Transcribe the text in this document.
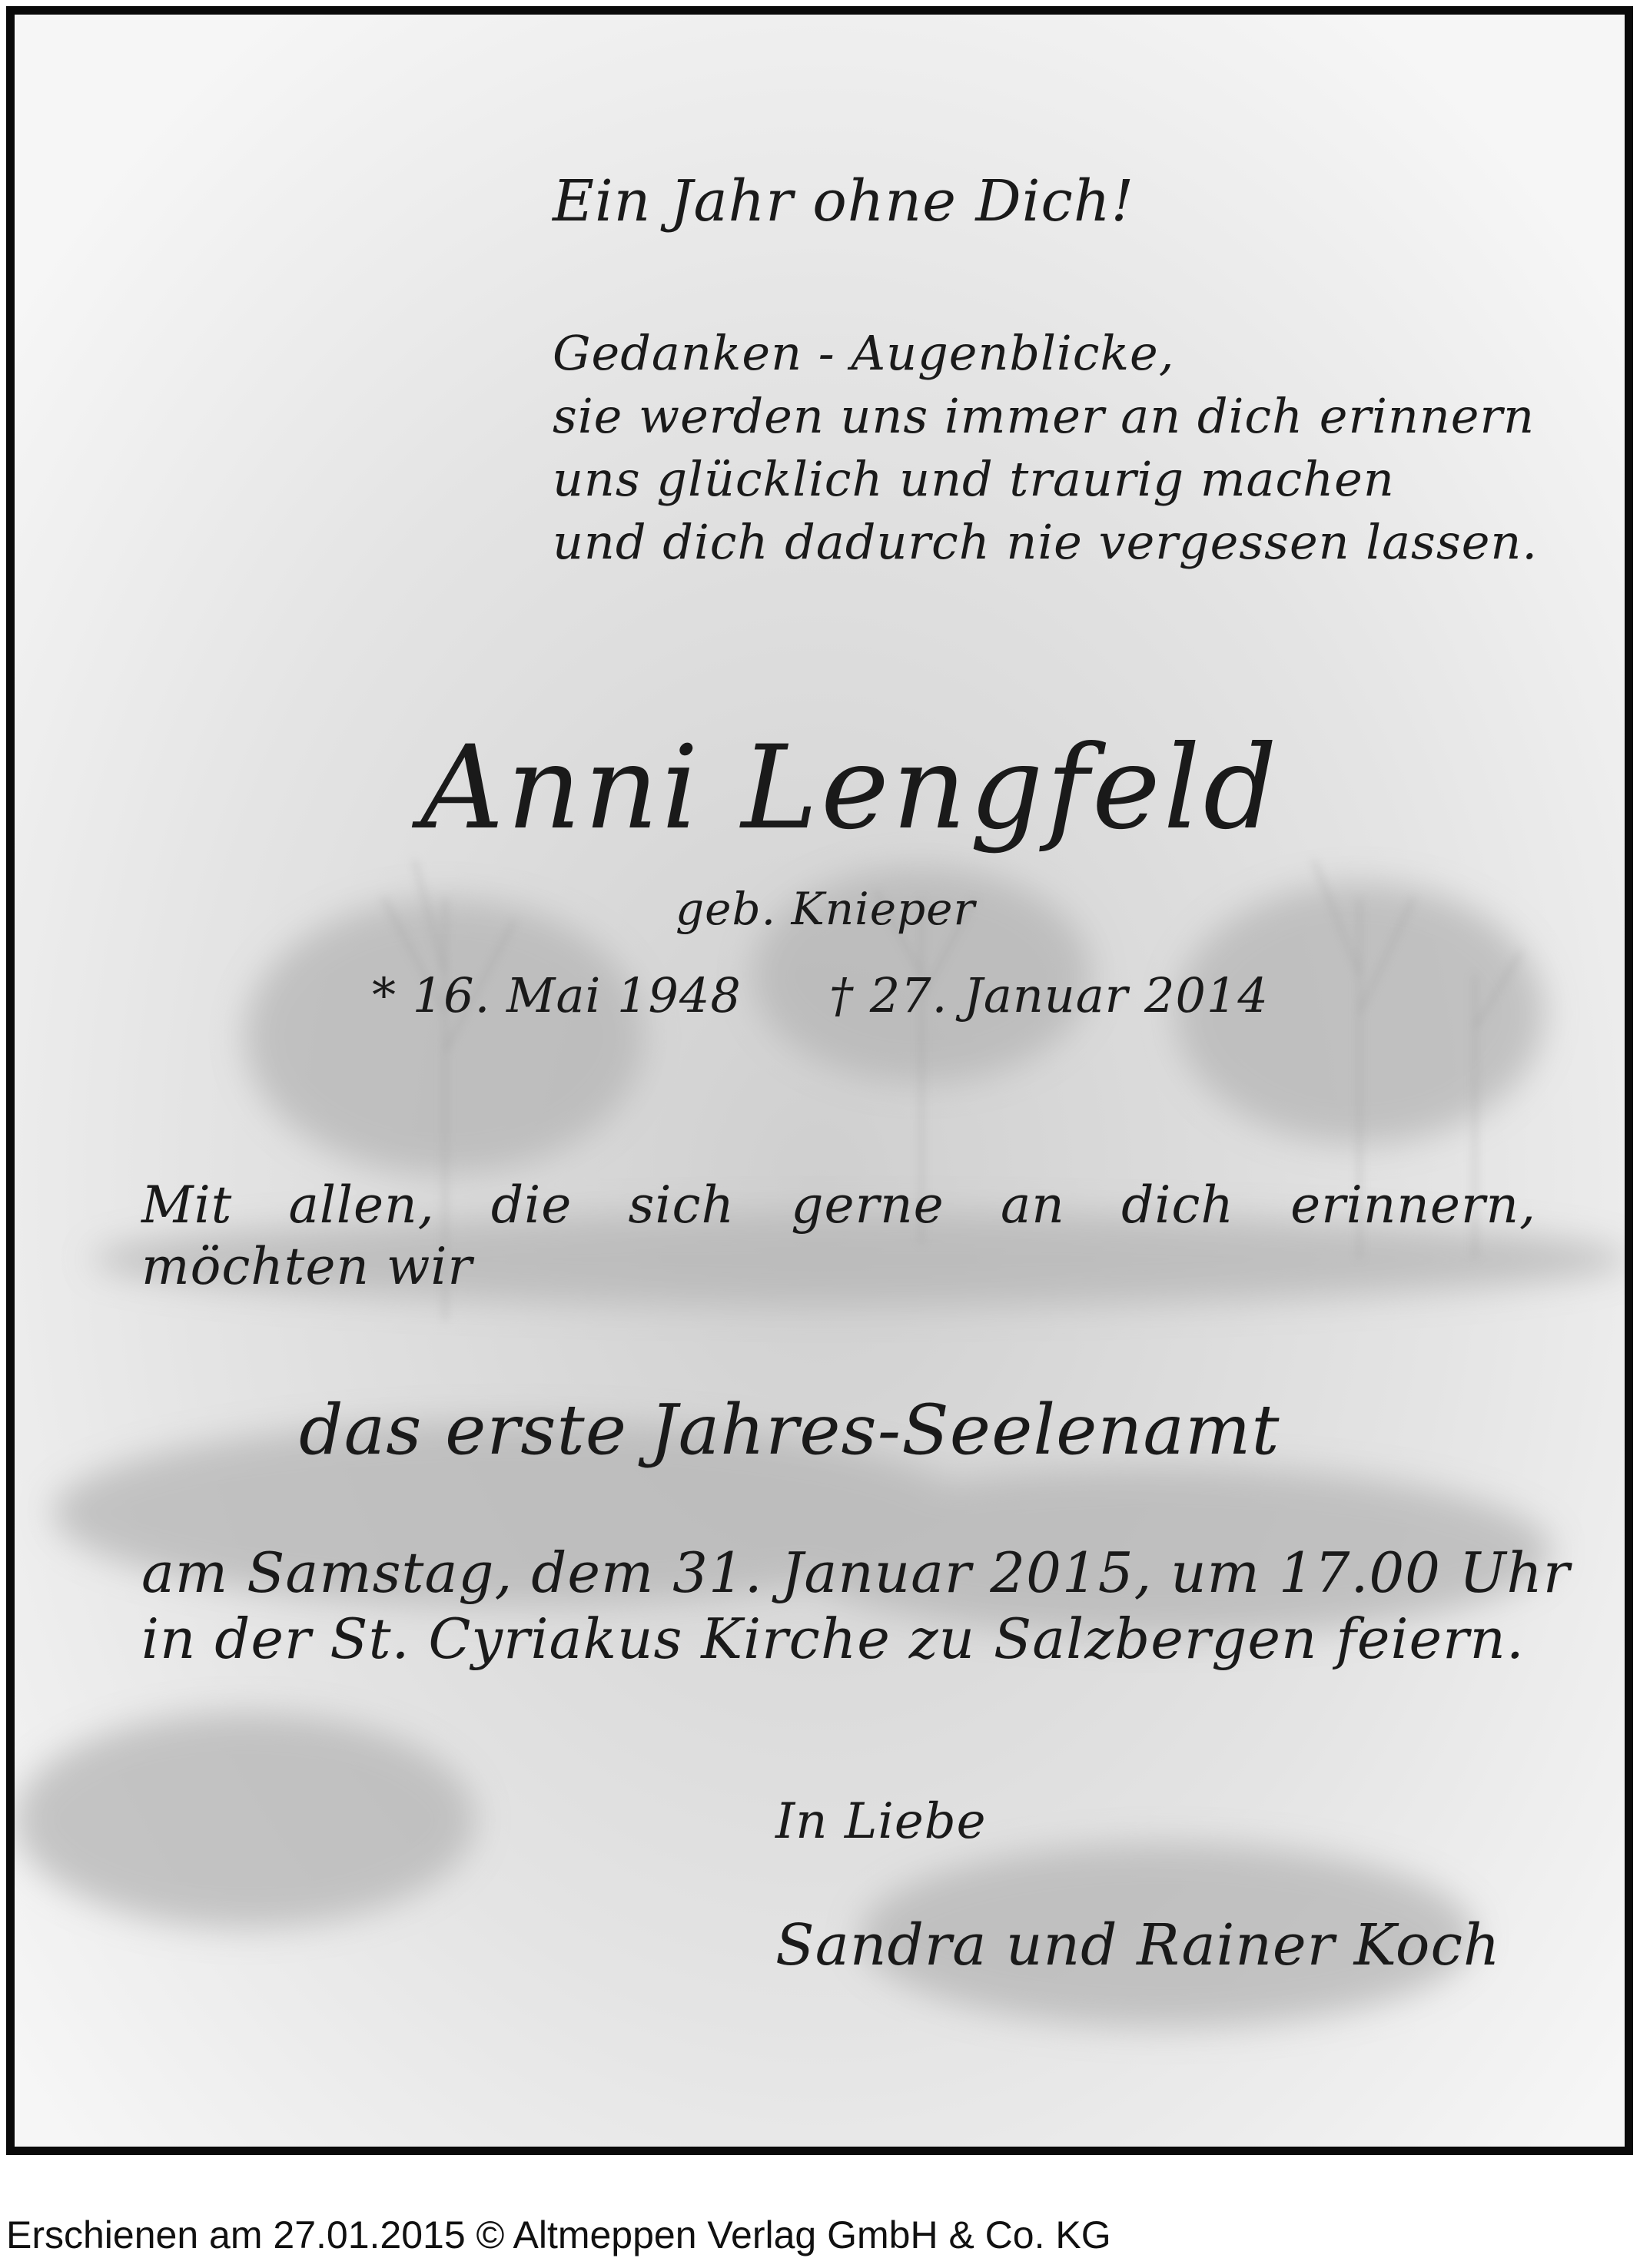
Ein Jahr ohne Dich!
Gedanken - Augenblicke,
sie werden uns immer an dich erinnern
uns glücklich und traurig machen
und dich dadurch nie vergessen lassen.
Anni Lengfeld
geb. Knieper
* 16. Mai 1948 † 27. Januar 2014
Mit allen, die sich gerne an dich erinnern,
möchten wir
das erste Jahres-Seelenamt
am Samstag, dem 31. Januar 2015, um 17.00 Uhr
in der St. Cyriakus Kirche zu Salzbergen feiern.
In Liebe
Sandra und Rainer Koch
Erschienen am 27.01.2015 © Altmeppen Verlag GmbH & Co. KG
